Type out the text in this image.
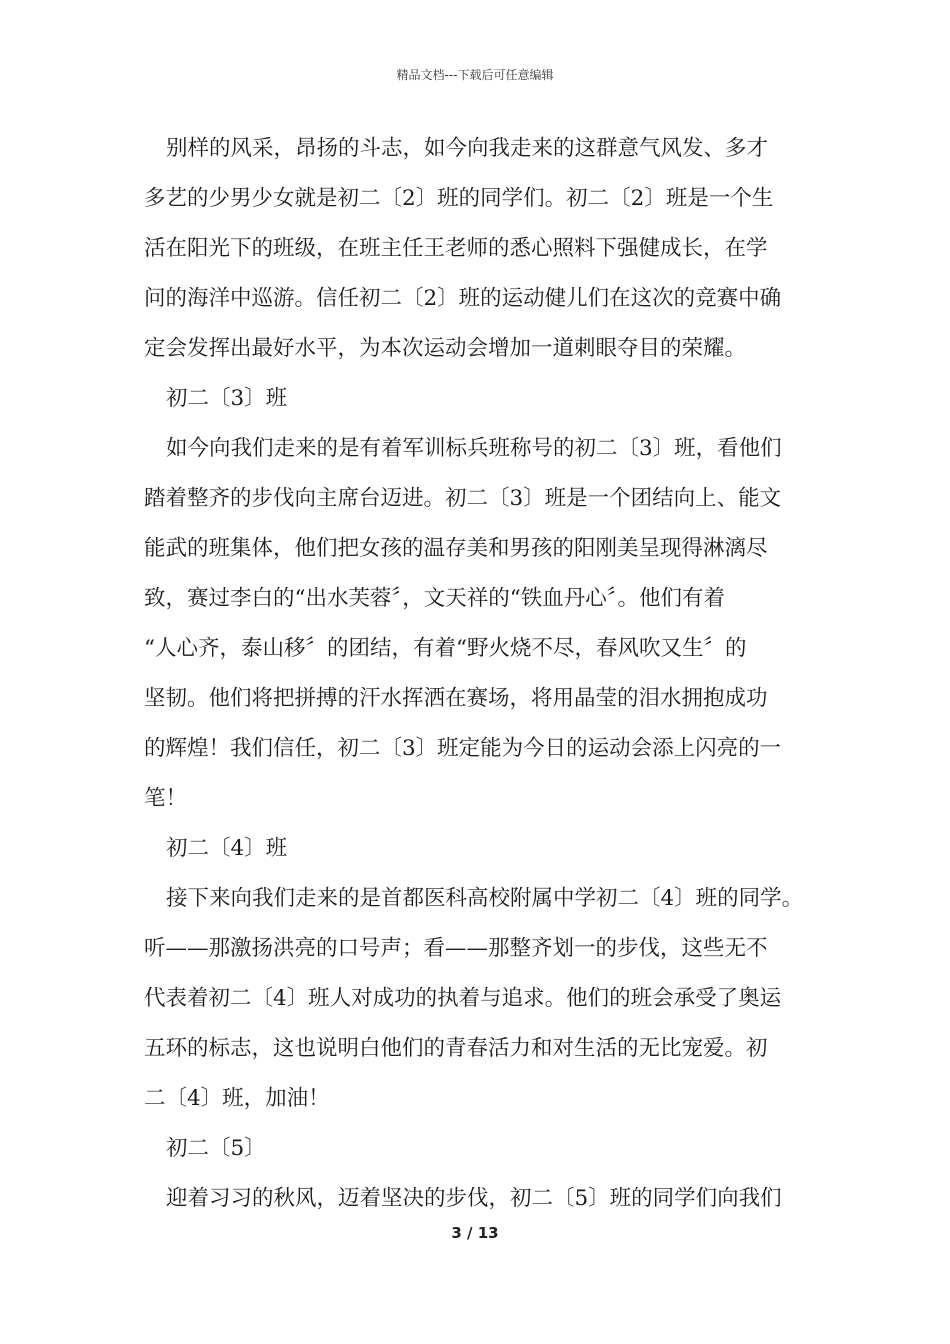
精品文档---下载后可任意编辑
别样的风采，昂扬的斗志，如今向我走来的这群意气风发、多才
多艺的少男少女就是初二〔2〕班的同学们。初二〔2〕班是一个生
活在阳光下的班级，在班主任王老师的悉心照料下强健成长，在学
问的海洋中巡游。信任初二〔2〕班的运动健儿们在这次的竞赛中确
定会发挥出最好水平，为本次运动会增加一道刺眼夺目的荣耀。
初二〔3〕班
如今向我们走来的是有着军训标兵班称号的初二〔3〕班，看他们
踏着整齐的步伐向主席台迈进。初二〔3〕班是一个团结向上、能文
能武的班集体，他们把女孩的温存美和男孩的阳刚美呈现得淋漓尽
致，赛过李白的“出水芙蓉〞，文天祥的“铁血丹心〞。他们有着
“人心齐，泰山移〞的团结，有着“野火烧不尽，春风吹又生〞的
坚韧。他们将把拼搏的汗水挥洒在赛场，将用晶莹的泪水拥抱成功
的辉煌！我们信任，初二〔3〕班定能为今日的运动会添上闪亮的一
笔！
初二〔4〕班
接下来向我们走来的是首都医科高校附属中学初二〔4〕班的同学。
听——那激扬洪亮的口号声；看——那整齐划一的步伐，这些无不
代表着初二〔4〕班人对成功的执着与追求。他们的班会承受了奥运
五环的标志，这也说明白他们的青春活力和对生活的无比宠爱。初
二〔4〕班，加油！
初二〔5〕
迎着习习的秋风，迈着坚决的步伐，初二〔5〕班的同学们向我们
3 / 13
